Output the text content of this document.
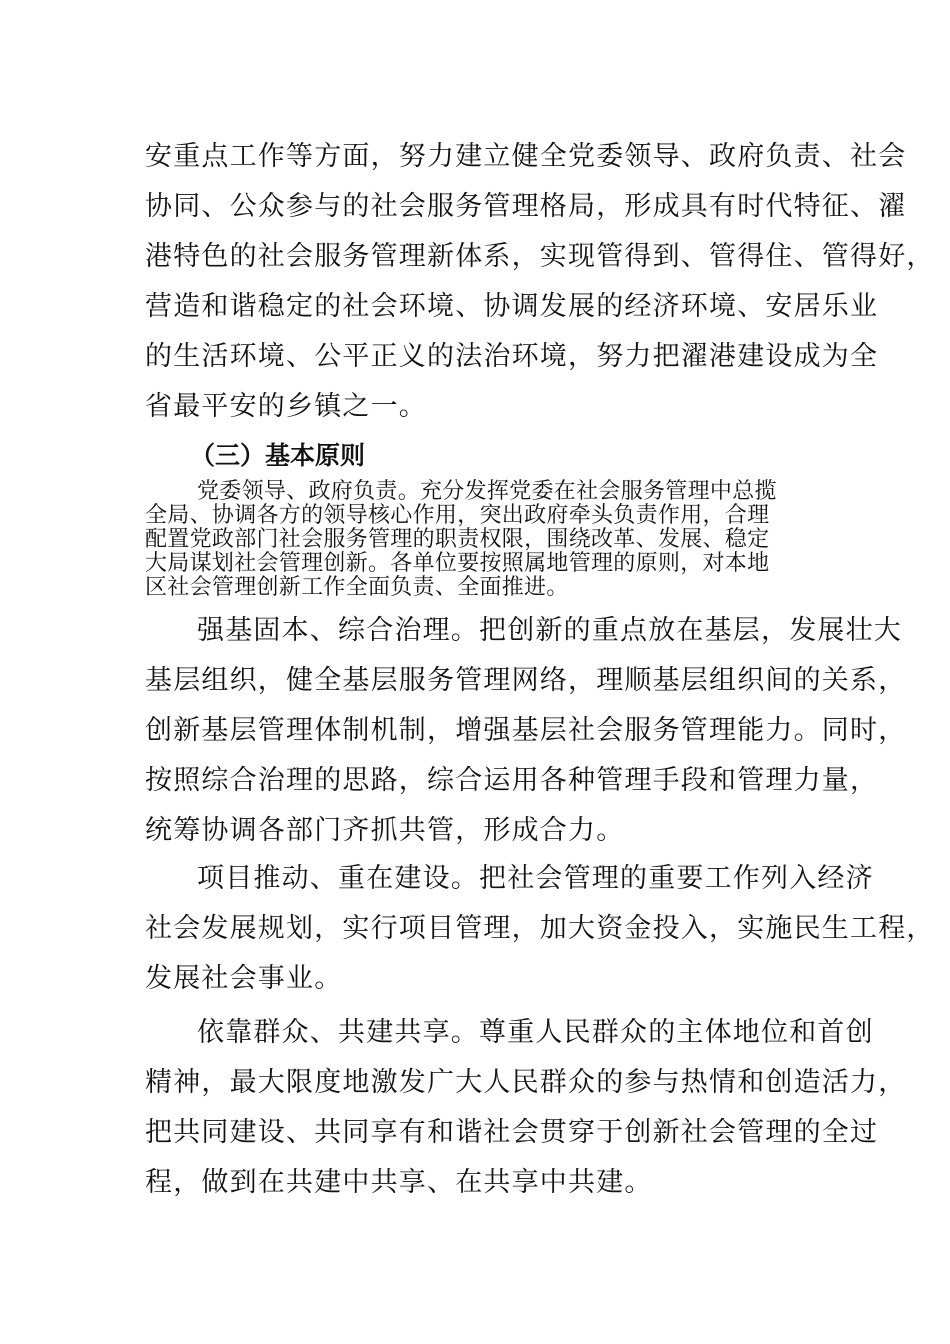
安重点工作等方面，努力建立健全党委领导、政府负责、社会
协同、公众参与的社会服务管理格局，形成具有时代特征、濯
港特色的社会服务管理新体系，实现管得到、管得住、管得好，
营造和谐稳定的社会环境、协调发展的经济环境、安居乐业
的生活环境、公平正义的法治环境，努力把濯港建设成为全
省最平安的乡镇之一。
（三）基本原则
党委领导、政府负责。充分发挥党委在社会服务管理中总揽
全局、协调各方的领导核心作用，突出政府牵头负责作用，合理
配置党政部门社会服务管理的职责权限，围绕改革、发展、稳定
大局谋划社会管理创新。各单位要按照属地管理的原则，对本地
区社会管理创新工作全面负责、全面推进。
强基固本、综合治理。把创新的重点放在基层，发展壮大
基层组织，健全基层服务管理网络，理顺基层组织间的关系，
创新基层管理体制机制，增强基层社会服务管理能力。同时，
按照综合治理的思路，综合运用各种管理手段和管理力量，
统筹协调各部门齐抓共管，形成合力。
项目推动、重在建设。把社会管理的重要工作列入经济
社会发展规划，实行项目管理，加大资金投入，实施民生工程，
发展社会事业。
依靠群众、共建共享。尊重人民群众的主体地位和首创
精神，最大限度地激发广大人民群众的参与热情和创造活力，
把共同建设、共同享有和谐社会贯穿于创新社会管理的全过
程，做到在共建中共享、在共享中共建。
